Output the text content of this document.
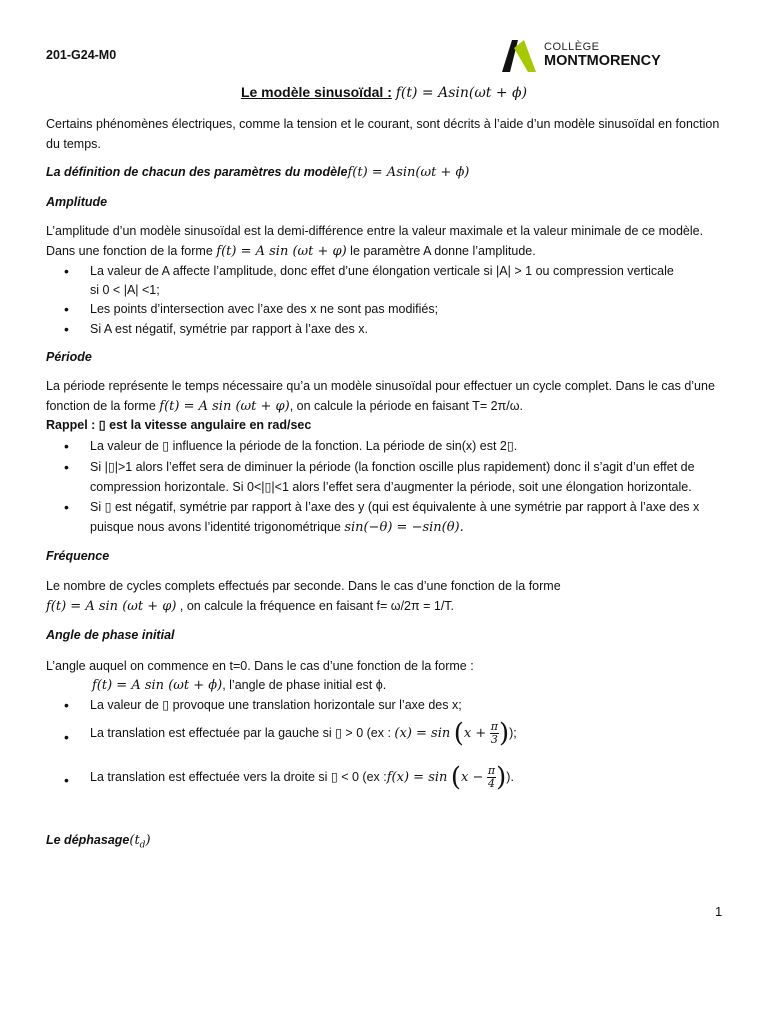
201-G24-M0
COLLÈGE
MONTMORENCY
Le modèle sinusoïdal : f(t) = Asin(ωt + ϕ)
Certains phénomènes électriques, comme la tension et le courant, sont décrits à l’aide d’un modèle sinusoïdal en fonction du temps.
La définition de chacun des paramètres du modèlef(t) = Asin(ωt + ϕ)
Amplitude
L’amplitude d’un modèle sinusoïdal est la demi-différence entre la valeur maximale et la valeur minimale de ce modèle.
Dans une fonction de la forme f(t) = A sin (ωt + φ) le paramètre A donne l’amplitude.
• La valeur de A affecte l’amplitude, donc effet d’une élongation verticale si |A| > 1 ou compression verticale
si 0 < |A| <1;
• Les points d’intersection avec l’axe des x ne sont pas modifiés;
• Si A est négatif, symétrie par rapport à l’axe des x.
Période
La période représente le temps nécessaire qu’a un modèle sinusoïdal pour effectuer un cycle complet. Dans le cas d’une
fonction de la forme f(t) = A sin (ωt + φ), on calcule la période en faisant T= 2π/ω.
Rappel : ▯ est la vitesse angulaire en rad/sec
• La valeur de ▯ influence la période de la fonction. La période de sin(x) est 2▯.
• Si |▯|>1 alors l’effet sera de diminuer la période (la fonction oscille plus rapidement) donc il s’agit d’un effet de
compression horizontale. Si 0<|▯|<1 alors l’effet sera d’augmenter la période, soit une élongation horizontale.
• Si ▯ est négatif, symétrie par rapport à l’axe des y (qui est équivalente à une symétrie par rapport à l’axe des x
puisque nous avons l’identité trigonométrique sin(−θ) = −sin(θ).
Fréquence
Le nombre de cycles complets effectués par seconde. Dans le cas d’une fonction de la forme
f(t) = A sin (ωt + φ) , on calcule la fréquence en faisant f= ω/2π = 1/T.
Angle de phase initial
L’angle auquel on commence en t=0. Dans le cas d’une fonction de la forme :
f(t) = A sin (ωt + ϕ), l’angle de phase initial est ϕ.
• La valeur de ▯ provoque une translation horizontale sur l’axe des x;
• La translation est effectuée par la gauche si ▯ > 0 (ex : $(x) = \sin (x + \frac{\pi}{3}$ ));
• La translation est effectuée vers la droite si ▯ < 0 (ex :f(x) = $\sin (x - \frac{\pi}{4}$ )).
Le $déphasage(t_d)$
1
